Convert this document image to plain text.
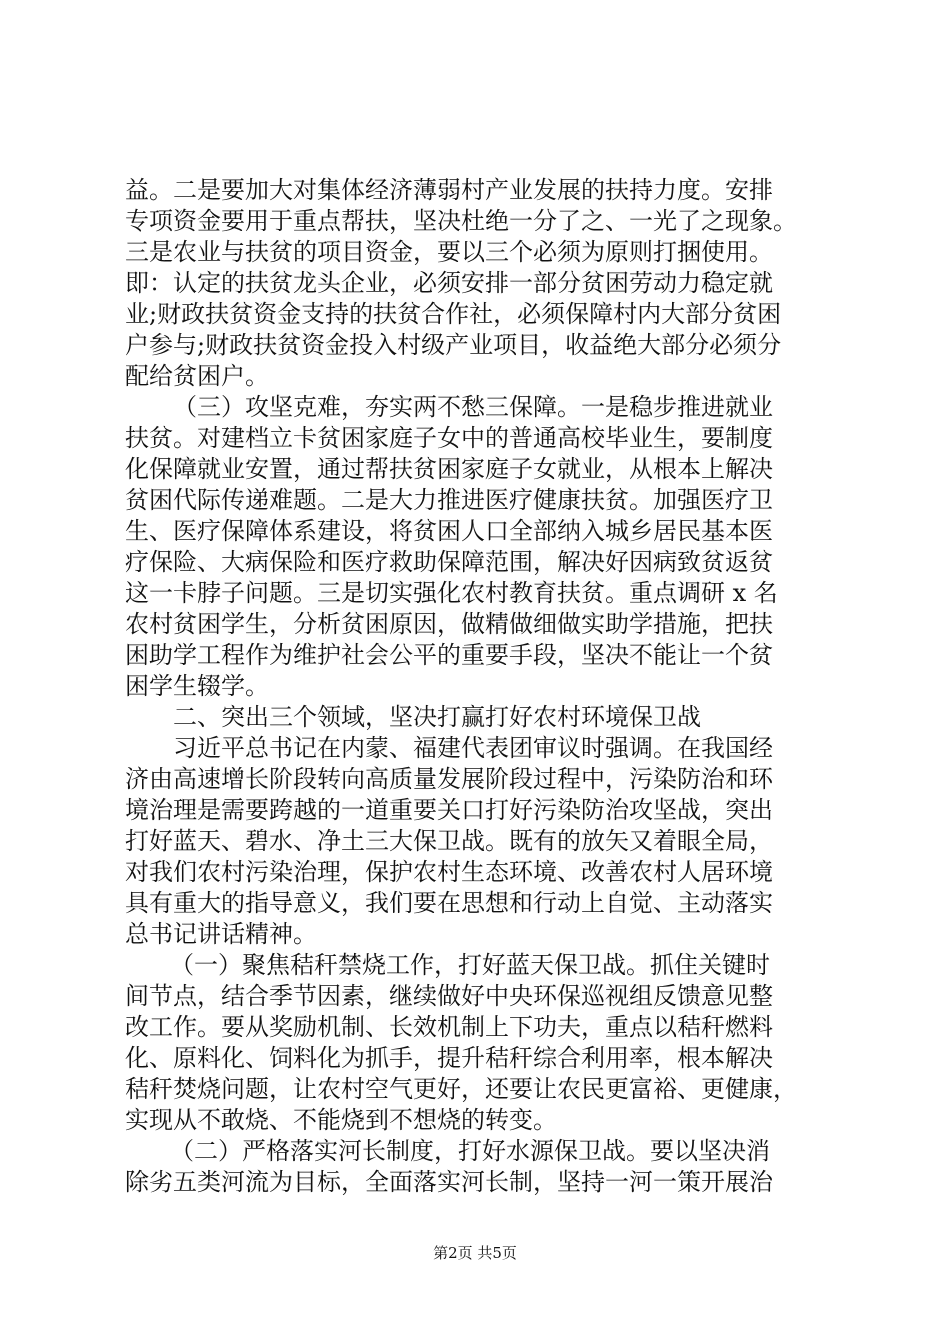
益。二是要加大对集体经济薄弱村产业发展的扶持力度。安排
专项资金要用于重点帮扶，坚决杜绝一分了之、一光了之现象。
三是农业与扶贫的项目资金，要以三个必须为原则打捆使用。
即：认定的扶贫龙头企业，必须安排一部分贫困劳动力稳定就
业;财政扶贫资金支持的扶贫合作社，必须保障村内大部分贫困
户参与;财政扶贫资金投入村级产业项目，收益绝大部分必须分
配给贫困户。
（三）攻坚克难，夯实两不愁三保障。一是稳步推进就业
扶贫。对建档立卡贫困家庭子女中的普通高校毕业生，要制度
化保障就业安置，通过帮扶贫困家庭子女就业，从根本上解决
贫困代际传递难题。二是大力推进医疗健康扶贫。加强医疗卫
生、医疗保障体系建设，将贫困人口全部纳入城乡居民基本医
疗保险、大病保险和医疗救助保障范围，解决好因病致贫返贫
这一卡脖子问题。三是切实强化农村教育扶贫。重点调研 x 名
农村贫困学生，分析贫困原因，做精做细做实助学措施，把扶
困助学工程作为维护社会公平的重要手段，坚决不能让一个贫
困学生辍学。
二、突出三个领域，坚决打赢打好农村环境保卫战
习近平总书记在内蒙、福建代表团审议时强调。在我国经
济由高速增长阶段转向高质量发展阶段过程中，污染防治和环
境治理是需要跨越的一道重要关口打好污染防治攻坚战，突出
打好蓝天、碧水、净土三大保卫战。既有的放矢又着眼全局，
对我们农村污染治理，保护农村生态环境、改善农村人居环境
具有重大的指导意义，我们要在思想和行动上自觉、主动落实
总书记讲话精神。
（一）聚焦秸秆禁烧工作，打好蓝天保卫战。抓住关键时
间节点，结合季节因素，继续做好中央环保巡视组反馈意见整
改工作。要从奖励机制、长效机制上下功夫，重点以秸秆燃料
化、原料化、饲料化为抓手，提升秸秆综合利用率，根本解决
秸秆焚烧问题，让农村空气更好，还要让农民更富裕、更健康，
实现从不敢烧、不能烧到不想烧的转变。
（二）严格落实河长制度，打好水源保卫战。要以坚决消
除劣五类河流为目标，全面落实河长制，坚持一河一策开展治
第2页 共5页
